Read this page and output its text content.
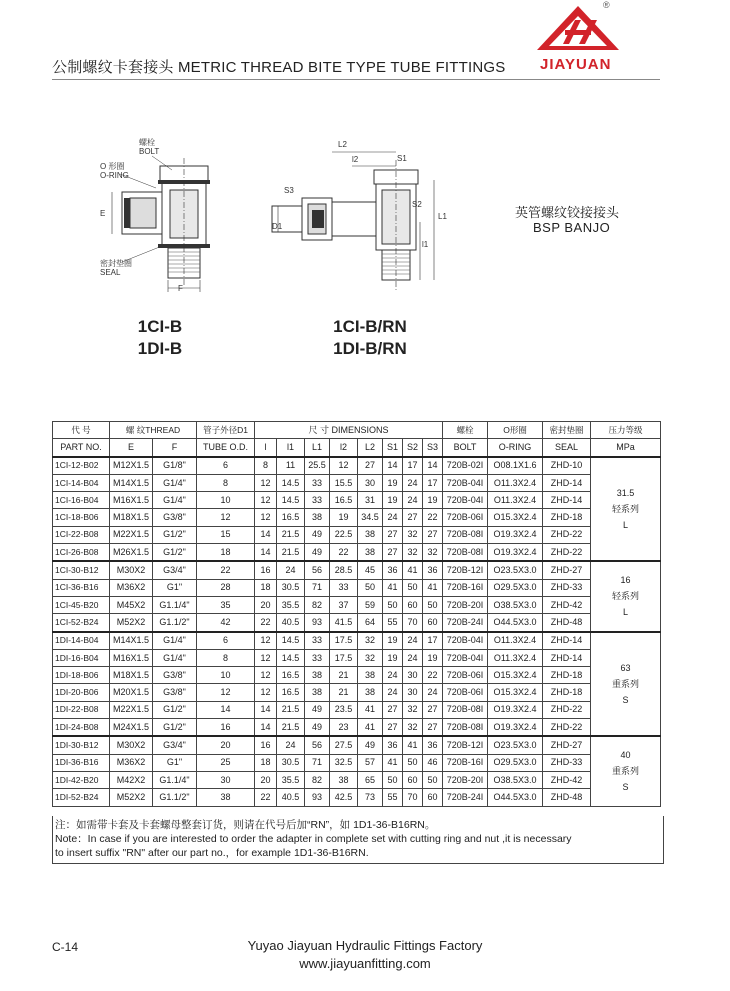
公制螺纹卡套接头 METRIC THREAD BITE TYPE TUBE FITTINGS
®
JIAYUAN
螺栓
BOLT
O 形圈
O-RING
密封垫圈
SEAL
E
F
1CI-B
1DI-B
L2
l2	S1
S3
S2
D1
L1
l1
1CI-B/RN
1DI-B/RN
英管螺纹铰接接头
BSP BANJO
代 号	螺 纹THREAD		管子外径D1	尺 寸 DIMENSIONS								螺栓	O形圈	密封垫圈	压力等级
PART NO.	E	F	TUBE O.D.	l	l1	L1	l2	L2	S1	S2	S3	BOLT	O-RING	SEAL	MPa
1CI-12-B02	M12X1.5	G1/8"	6	8	11	25.5	12	27	14	17	14	720B-02I	O08.1X1.6	ZHD-10	31.5
轻系列
L

1CI-14-B04	M14X1.5	G1/4"	8	12	14.5	33	15.5	30	19	24	17	720B-04I	O11.3X2.4	ZHD-14	
1CI-16-B04	M16X1.5	G1/4"	10	12	14.5	33	16.5	31	19	24	19	720B-04I	O11.3X2.4	ZHD-14	
1CI-18-B06	M18X1.5	G3/8"	12	12	16.5	38	19	34.5	24	27	22	720B-06I	O15.3X2.4	ZHD-18	
1CI-22-B08	M22X1.5	G1/2"	15	14	21.5	49	22.5	38	27	32	27	720B-08I	O19.3X2.4	ZHD-22	
1CI-26-B08	M26X1.5	G1/2"	18	14	21.5	49	22	38	27	32	32	720B-08I	O19.3X2.4	ZHD-22	
1CI-30-B12	M30X2	G3/4"	22	16	24	56	28.5	45	36	41	36	720B-12I	O23.5X3.0	ZHD-27	16
轻系列
L

1CI-36-B16	M36X2	G1"	28	18	30.5	71	33	50	41	50	41	720B-16I	O29.5X3.0	ZHD-33	
1CI-45-B20	M45X2	G1.1/4"	35	20	35.5	82	37	59	50	60	50	720B-20I	O38.5X3.0	ZHD-42	
1CI-52-B24	M52X2	G1.1/2"	42	22	40.5	93	41.5	64	55	70	60	720B-24I	O44.5X3.0	ZHD-48	
1DI-14-B04	M14X1.5	G1/4"	6	12	14.5	33	17.5	32	19	24	17	720B-04I	O11.3X2.4	ZHD-14	63
重系列
S

1DI-16-B04	M16X1.5	G1/4"	8	12	14.5	33	17.5	32	19	24	19	720B-04I	O11.3X2.4	ZHD-14	
1DI-18-B06	M18X1.5	G3/8"	10	12	16.5	38	21	38	24	30	22	720B-06I	O15.3X2.4	ZHD-18	
1DI-20-B06	M20X1.5	G3/8"	12	12	16.5	38	21	38	24	30	24	720B-06I	O15.3X2.4	ZHD-18	
1DI-22-B08	M22X1.5	G1/2"	14	14	21.5	49	23.5	41	27	32	27	720B-08I	O19.3X2.4	ZHD-22	
1DI-24-B08	M24X1.5	G1/2"	16	14	21.5	49	23	41	27	32	27	720B-08I	O19.3X2.4	ZHD-22	
1DI-30-B12	M30X2	G3/4"	20	16	24	56	27.5	49	36	41	36	720B-12I	O23.5X3.0	ZHD-27	40
重系列
S

1DI-36-B16	M36X2	G1"	25	18	30.5	71	32.5	57	41	50	46	720B-16I	O29.5X3.0	ZHD-33	
1DI-42-B20	M42X2	G1.1/4"	30	20	35.5	82	38	65	50	60	50	720B-20I	O38.5X3.0	ZHD-42	
1DI-52-B24	M52X2	G1.1/2"	38	22	40.5	93	42.5	73	55	70	60	720B-24I	O44.5X3.0	ZHD-48	
注：如需带卡套及卡套螺母整套订货，则请在代号后加“RN”，如 1D1-36-B16RN。
Note：In case if you are interested to order the adapter in complete set with cutting ring and nut ,it is necessary
to insert suffix "RN" after our part no.，for example 1D1-36-B16RN.
Yuyao Jiayuan Hydraulic Fittings Factory
www.jiayuanfitting.com
C-14
